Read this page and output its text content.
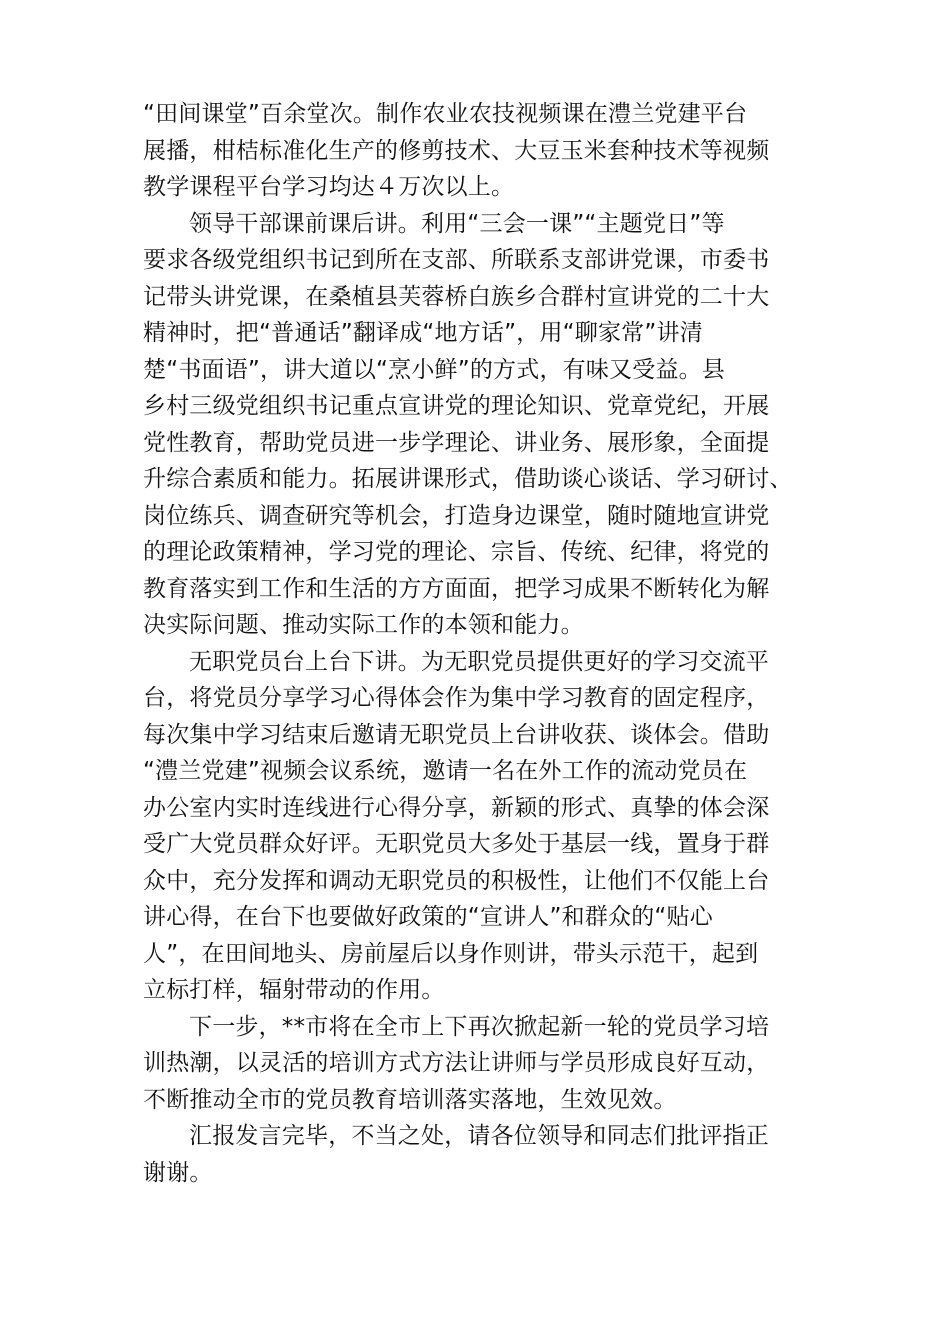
“田间课堂”百余堂次。制作农业农技视频课在澧兰党建平台
展播，柑桔标准化生产的修剪技术、大豆玉米套种技术等视频
教学课程平台学习均达４万次以上。
领导干部课前课后讲。利用“三会一课”“主题党日”等
要求各级党组织书记到所在支部、所联系支部讲党课，市委书
记带头讲党课，在桑植县芙蓉桥白族乡合群村宣讲党的二十大
精神时，把“普通话”翻译成“地方话”，用“聊家常”讲清
楚“书面语”，讲大道以“烹小鲜”的方式，有味又受益。县
乡村三级党组织书记重点宣讲党的理论知识、党章党纪，开展
党性教育，帮助党员进一步学理论、讲业务、展形象，全面提
升综合素质和能力。拓展讲课形式，借助谈心谈话、学习研讨、
岗位练兵、调查研究等机会，打造身边课堂，随时随地宣讲党
的理论政策精神，学习党的理论、宗旨、传统、纪律，将党的
教育落实到工作和生活的方方面面，把学习成果不断转化为解
决实际问题、推动实际工作的本领和能力。
无职党员台上台下讲。为无职党员提供更好的学习交流平
台，将党员分享学习心得体会作为集中学习教育的固定程序，
每次集中学习结束后邀请无职党员上台讲收获、谈体会。借助
“澧兰党建”视频会议系统，邀请一名在外工作的流动党员在
办公室内实时连线进行心得分享，新颖的形式、真挚的体会深
受广大党员群众好评。无职党员大多处于基层一线，置身于群
众中，充分发挥和调动无职党员的积极性，让他们不仅能上台
讲心得，在台下也要做好政策的“宣讲人”和群众的“贴心
人”，在田间地头、房前屋后以身作则讲，带头示范干，起到
立标打样，辐射带动的作用。
下一步，**市将在全市上下再次掀起新一轮的党员学习培
训热潮，以灵活的培训方式方法让讲师与学员形成良好互动，
不断推动全市的党员教育培训落实落地，生效见效。
汇报发言完毕，不当之处，请各位领导和同志们批评指正
谢谢。
